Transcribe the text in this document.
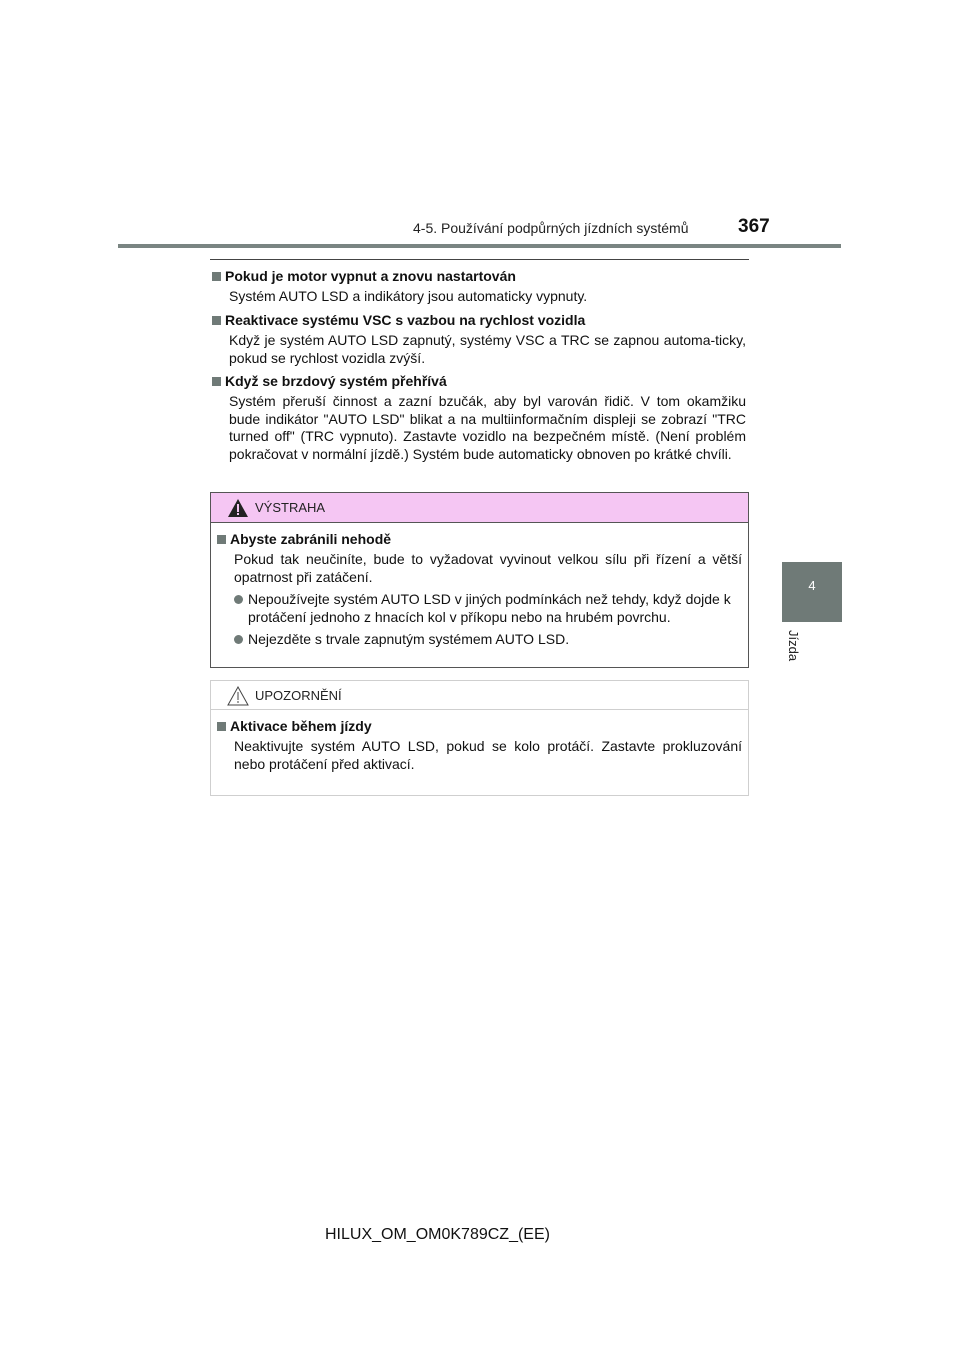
4-5. Používání podpůrných jízdních systémů	367
4
Jízda
Pokud je motor vypnut a znovu nastartován
Systém AUTO LSD a indikátory jsou automaticky vypnuty.
Reaktivace systému VSC s vazbou na rychlost vozidla
Když je systém AUTO LSD zapnutý, systémy VSC a TRC se zapnou automa-ticky, pokud se rychlost vozidla zvýší.
Když se brzdový systém přehřívá
Systém přeruší činnost a zazní bzučák, aby byl varován řidič. V tom okamžiku bude indikátor "AUTO LSD" blikat a na multiinformačním displeji se zobrazí "TRC turned off" (TRC vypnuto). Zastavte vozidlo na bezpečném místě. (Není problém pokračovat v normální jízdě.) Systém bude automaticky obnoven po krátké chvíli.
VÝSTRAHA
Abyste zabránili nehodě
Pokud tak neučiníte, bude to vyžadovat vyvinout velkou sílu při řízení a větší opatrnost při zatáčení.
Nepoužívejte systém AUTO LSD v jiných podmínkách než tehdy, když dojde k protáčení jednoho z hnacích kol v příkopu nebo na hrubém povrchu.
Nejezděte s trvale zapnutým systémem AUTO LSD.
UPOZORNĚNÍ
Aktivace během jízdy
Neaktivujte systém AUTO LSD, pokud se kolo protáčí. Zastavte prokluzování nebo protáčení před aktivací.
HILUX_OM_OM0K789CZ_(EE)
